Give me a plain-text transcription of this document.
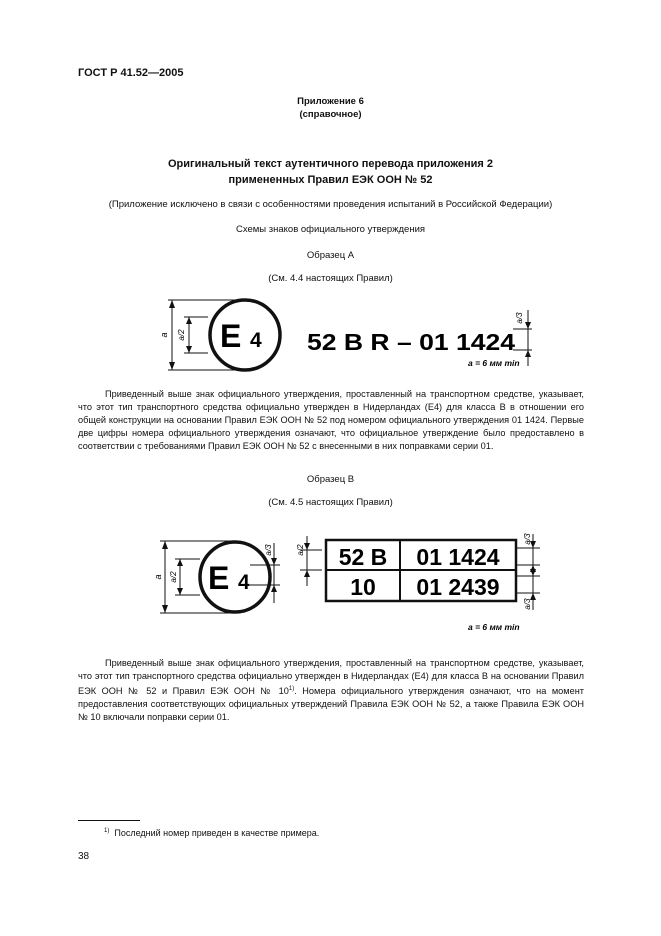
ГОСТ Р 41.52—2005
Приложение 6
(справочное)
Оригинальный текст аутентичного перевода приложения 2
примененных Правил ЕЭК ООН № 52
(Приложение исключено в связи с особенностями проведения испытаний в Российской Федерации)
Схемы знаков официального утверждения
Образец А
(См. 4.4 настоящих Правил)
a a/2 E 4 52 B R – 01 1424
a/3
a = 6 мм min

Приведенный выше знак официального утверждения, проставленный на транспортном средстве, указывает, что этот тип транспортного средства официально утвержден в Нидерландах (Е4) для класса В в отношении его общей конструкции на основании Правил ЕЭК ООН № 52 под номером официального утверждения 01 1424. Первые две цифры номера официального утверждения означают, что официальное утверждение было предоставлено в соответствии с требованиями Правил ЕЭК ООН № 52 с внесенными в них поправками серии 01.

Образец В
(См. 4.5 настоящих Правил)
a a/2
a/3	a/2
E 4
52 B 01 1424
10 01 2439
a/3
a/3
a = 6 мм min

Приведенный выше знак официального утверждения, проставленный на транспортном средстве, указывает, что этот тип транспортного средства официально утвержден в Нидерландах (Е4) для класса В на основании Правил ЕЭК ООН № 52 и Правил ЕЭК ООН № 10$^{1)}$. Номера официального утверждения означают, что на момент предоставления соответствующих официальных утверждений Правила ЕЭК ООН № 52, а также Правила ЕЭК ООН № 10 включали поправки серии 01.

$^{1)}$ Последний номер приведен в качестве примера.
38
